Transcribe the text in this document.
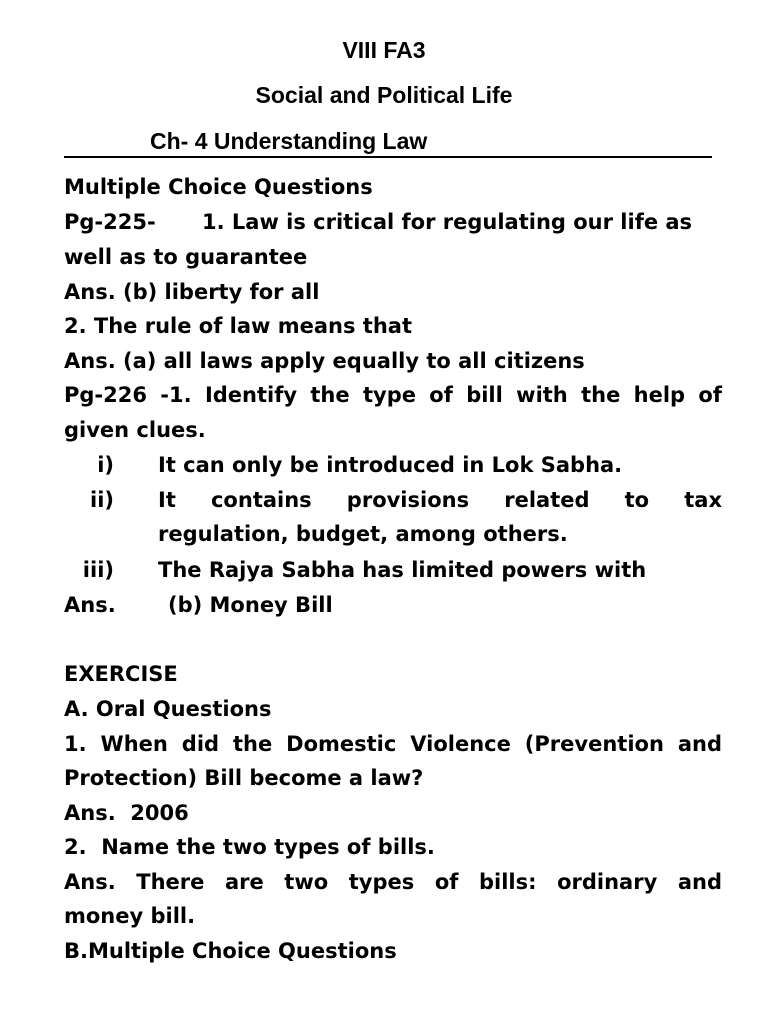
VIII FA3
Social and Political Life
Ch- 4 Understanding Law
Multiple Choice Questions
Pg-225- 1. Law is critical for regulating our life as
well as to guarantee
Ans. (b) liberty for all
2. The rule of law means that
Ans. (a) all laws apply equally to all citizens
Pg-226 -1. Identify the type of bill with the help of
given clues.
i) It can only be introduced in Lok Sabha.
ii) It contains provisions related to tax
regulation, budget, among others.
iii) The Rajya Sabha has limited powers with
Ans. (b) Money Bill
EXERCISE
A. Oral Questions
1. When did the Domestic Violence (Prevention and
Protection) Bill become a law?
Ans.  2006
2.  Name the two types of bills.
Ans. There are two types of bills: ordinary and
money bill.
B.Multiple Choice Questions
